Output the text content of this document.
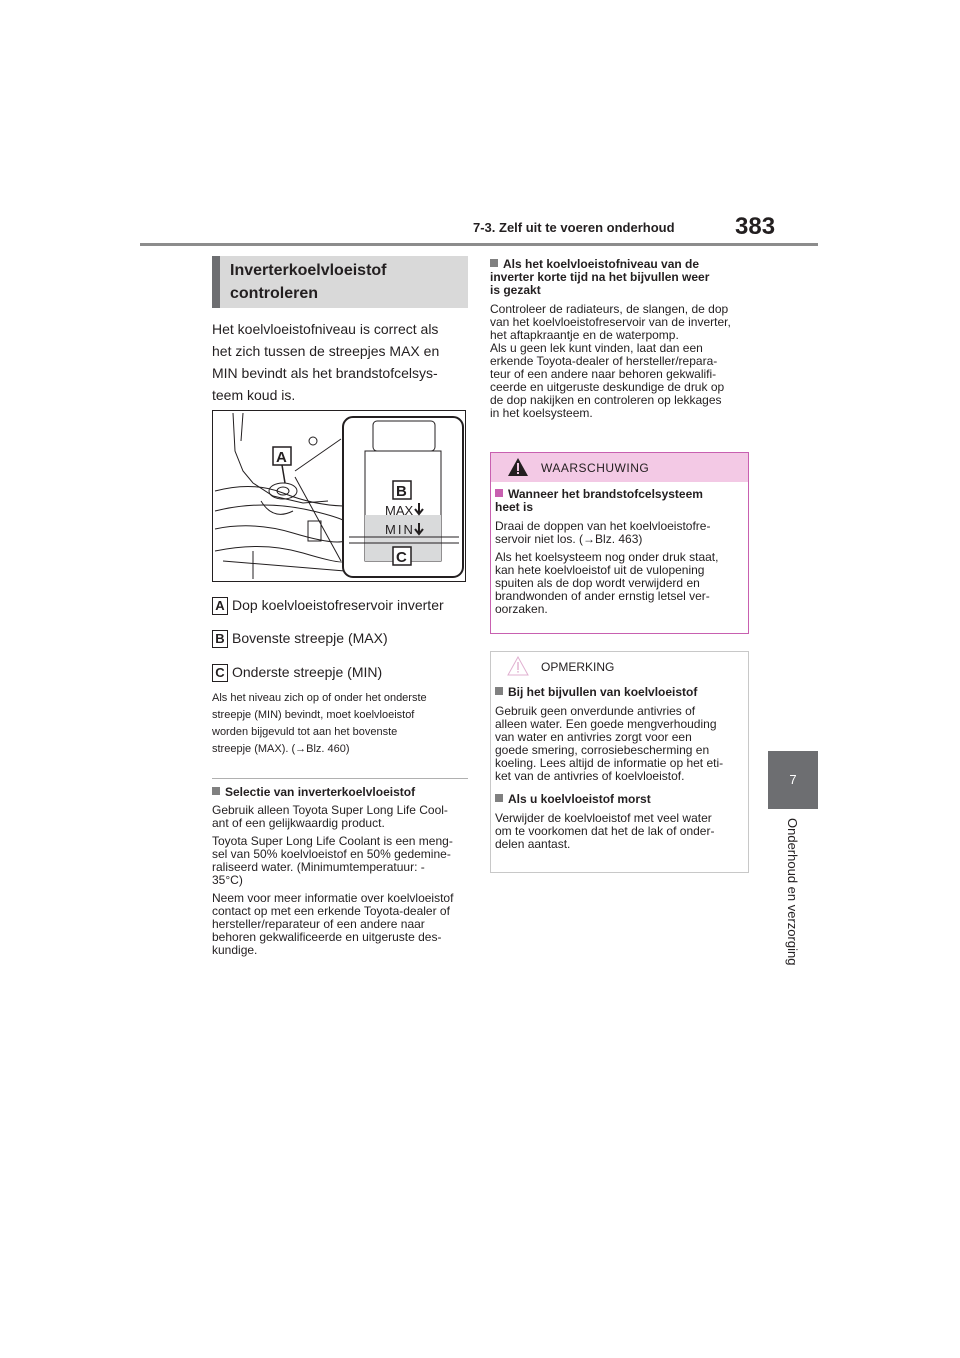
7-3. Zelf uit te voeren onderhoud	383
7
Onderhoud en verzorging
Inverterkoelvloeistof
controleren
Het koelvloeistofniveau is correct als
het zich tussen de streepjes MAX en
MIN bevindt als het brandstofcelsys-
teem koud is.
A
B
MAX
MIN
C
A Dop koelvloeistofreservoir inverter
B Bovenste streepje (MAX)
C Onderste streepje (MIN)
Als het niveau zich op of onder het onderste
streepje (MIN) bevindt, moet koelvloeistof
worden bijgevuld tot aan het bovenste
streepje (MAX). (→Blz. 460)
Selectie van inverterkoelvloeistof
Gebruik alleen Toyota Super Long Life Cool-
ant of een gelijkwaardig product.
Toyota Super Long Life Coolant is een meng-
sel van 50% koelvloeistof en 50% gedemine-
raliseerd water. (Minimumtemperatuur: -
35°C)
Neem voor meer informatie over koelvloeistof
contact op met een erkende Toyota-dealer of
hersteller/reparateur of een andere naar
behoren gekwalificeerde en uitgeruste des-
kundige.
Als het koelvloeistofniveau van de
inverter korte tijd na het bijvullen weer
is gezakt
Controleer de radiateurs, de slangen, de dop
van het koelvloeistofreservoir van de inverter,
het aftapkraantje en de waterpomp.
Als u geen lek kunt vinden, laat dan een
erkende Toyota-dealer of hersteller/repara-
teur of een andere naar behoren gekwalifi-
ceerde en uitgeruste deskundige de druk op
de dop nakijken en controleren op lekkages
in het koelsysteem.
WAARSCHUWING
Wanneer het brandstofcelsysteem
heet is
Draai de doppen van het koelvloeistofre-
servoir niet los. (→Blz. 463)
Als het koelsysteem nog onder druk staat,
kan hete koelvloeistof uit de vulopening
spuiten als de dop wordt verwijderd en
brandwonden of ander ernstig letsel ver-
oorzaken.
OPMERKING
Bij het bijvullen van koelvloeistof
Gebruik geen onverdunde antivries of
alleen water. Een goede mengverhouding
van water en antivries zorgt voor een
goede smering, corrosiebescherming en
koeling. Lees altijd de informatie op het eti-
ket van de antivries of koelvloeistof.
Als u koelvloeistof morst
Verwijder de koelvloeistof met veel water
om te voorkomen dat het de lak of onder-
delen aantast.
